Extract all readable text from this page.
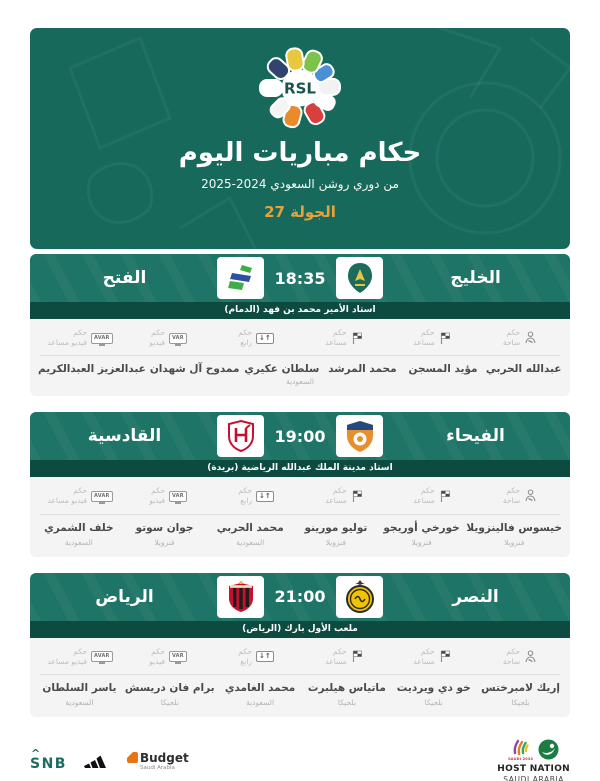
RSL
حكام مباريات اليوم
من دوري روشن السعودي 2024-2025
الجولة 27
الخليج
18:35
الفتح
استاد الأمير محمد بن فهد (الدمام)
حكم
ساحة
حكم
مساعد
حكم
مساعد
↑↓
حكم
رابع
VAR
حكم
فيديو
AVAR
حكم
فيديو مساعد
عبدالله الحربي
مؤيد المسجن
محمد المرشد
سلطان عكيري
ممدوح آل شهدان
عبدالعزيز العبدالكريم
السعودية
الفيحاء
19:00
القادسية
استاد مدينة الملك عبدالله الرياضية (بريدة)
حكم
ساحة
حكم
مساعد
حكم
مساعد
↑↓
حكم
رابع
VAR
حكم
فيديو
AVAR
حكم
فيديو مساعد
خيسوس فالينزويلا
فنزويلا
خورخي أوريجو
فنزويلا
توليو مورينو
فنزويلا
محمد الحربي
السعودية
جوان سوتو
فنزويلا
خلف الشمري
السعودية
النصر
21:00
الرياض
ملعب الأول بارك (الرياض)
حكم
ساحة
حكم
مساعد
حكم
مساعد
↑↓
حكم
رابع
VAR
حكم
فيديو
AVAR
حكم
فيديو مساعد
إريك لامبرختس
بلجيكا
خو دي ويرديت
بلجيكا
ماتياس هيلبرت
بلجيكا
محمد الغامدي
السعودية
برام فان دريسش
بلجيكا
ياسر السلطان
السعودية
^ SNB	Budget
Saudi Arabia
SAUDI 2034
HOST NATION
SAUDI ARABIA
